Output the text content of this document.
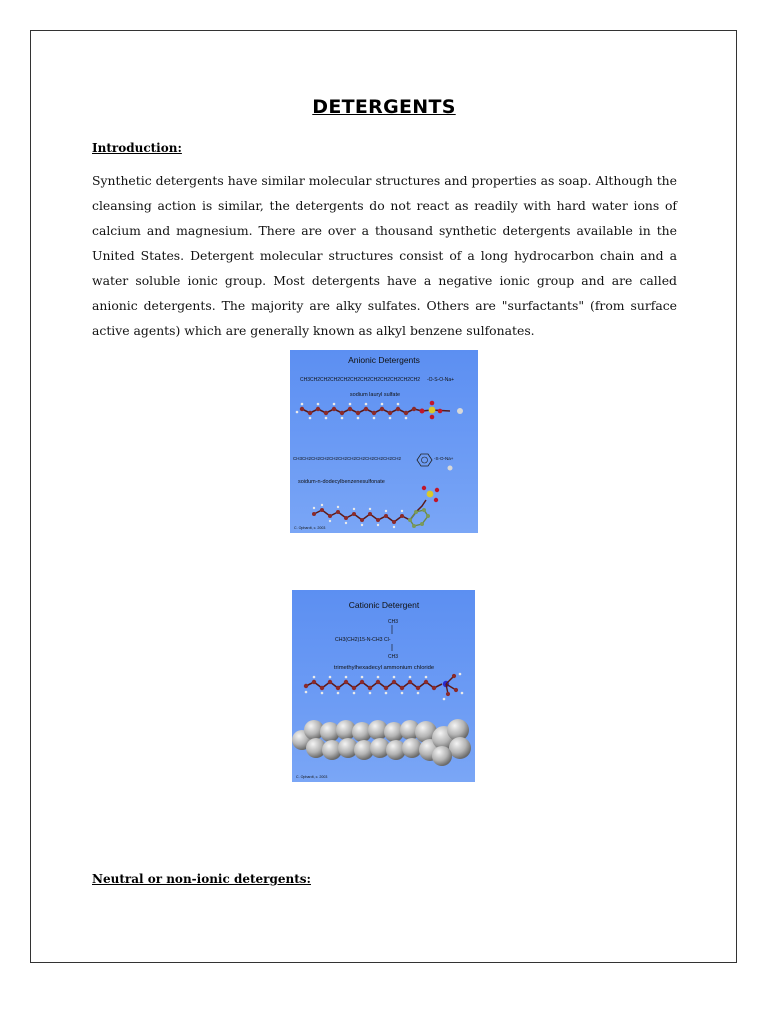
DETERGENTS
Introduction:

Synthetic detergents have similar molecular structures and properties as soap. Although the cleansing action is similar, the detergents do not react as readily with hard water ions of calcium and magnesium. There are over a thousand synthetic detergents available in the United States. Detergent molecular structures consist of a long hydrocarbon chain and a water soluble ionic group. Most detergents have a negative ionic group and are called anionic detergents. The majority are alky sulfates. Others are "surfactants" (from surface active agents) which are generally known as alkyl benzene sulfonates.

Anionic Detergents
CH3CH2CH2CH2CH2CH2CH2CH2CH2CH2CH2CH2 -O-S-O-Na+
sodium lauryl sulfate
CH3CH2CH2CH2CH2CH2CH2CH2CH2CH2CH2CH2	-S-O-Na+
soidum-n-dodecylbenzenesulfonate
C. Ophardt, c. 2003
Cationic Detergent
CH3
CH3(CH2)15-N-CH3 Cl-
CH3
trimethylhexadecyl ammonium chloride
C. Ophardt, c. 2003
Neutral or non-ionic detergents:
